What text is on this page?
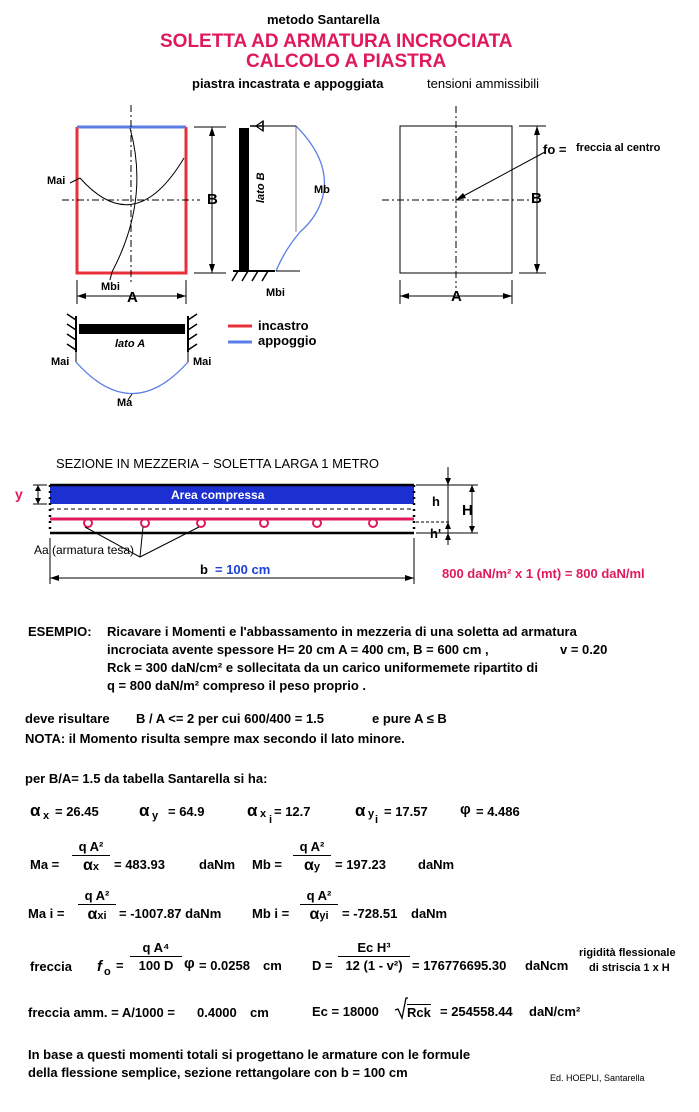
metodo Santarella
SOLETTA AD ARMATURA INCROCIATA
CALCOLO A PIASTRA
piastra incastrata e appoggiata	tensioni ammissibili
Mai
Mbi
B
A
lato B	Mb
Mbi
lato A
Mai	Mai
Ma
incastro
appoggio
fo = freccia al centro
B
A
SEZIONE IN MEZZERIA − SOLETTA LARGA 1 METRO
y	Area compressa	h
H
h'
Aa (armatura tesa)
b = 100 cm	800 daN/m² x 1 (mt) = 800 daN/ml
ESEMPIO: Ricavare i Momenti e l'abbassamento in mezzeria di una soletta ad armatura
incrociata avente spessore H= 20 cm A = 400 cm, B = 600 cm ,	v = 0.20
Rck = 300 daN/cm² e sollecitata da un carico uniformemete ripartito di
q = 800 daN/m² compreso il peso proprio .
deve risultare B / A <= 2 per cui 600/400 = 1.5	e pure A ≤ B
NOTA: il Momento risulta sempre max secondo il lato minore.
per B/A= 1.5 da tabella Santarella si ha:
α x = 26.45 α y = 64.9 α x i
= 12.7	α y i
= 17.57 φ = 4.486
$Ma = \frac{\text{q A²}}{\alpha x} = 483.93$	daNm $Mb = \frac{\text{q A²}}{\alpha y} = 197.23$ daNm
Ma i =
q A²
αxi = -1007.87 daNm Mb i =
q A²
αyi	= -728.51 daNm
freccia f $o = \frac{\text{q A⁴}}{100 D}$ φ = 0.0258 cm $D = \frac{\text{Ec H³}}{\text{12 (1 - v²)}} = 176776695.30$ daNcm
rigidità flessionale
di striscia 1 x H
freccia amm. = A/1000 = 0.4000 cm	Ec = 18000 Rck = 254558.44 daN/cm²
In base a questi momenti totali si progettano le armature con le formule
della flessione semplice, sezione rettangolare con b = 100 cm	Ed. HOEPLI, Santarella
